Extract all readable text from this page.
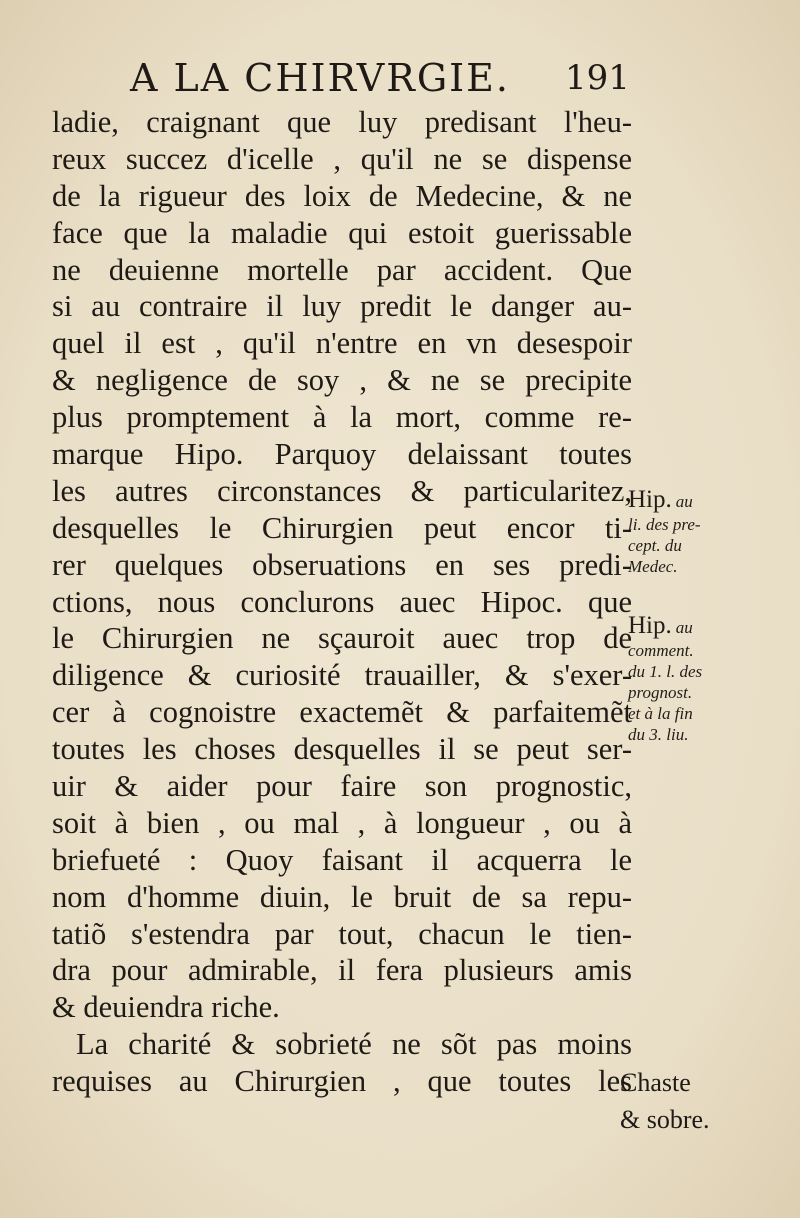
A LA CHIRVRGIE. 191
ladie, craignant que luy predisant l'heu-
reux succez d'icelle , qu'il ne se dispense
de la rigueur des loix de Medecine, & ne
face que la maladie qui estoit guerissable
ne deuienne mortelle par accident. Que
si au contraire il luy predit le danger au-
quel il est , qu'il n'entre en vn desespoir
& negligence de soy , & ne se precipite
plus promptement à la mort, comme re-
marque Hipo. Parquoy delaissant toutes
les autres circonstances & particularitez,
desquelles le Chirurgien peut encor ti-
rer quelques obseruations en ses predi-
ctions, nous conclurons auec Hipoc. que
le Chirurgien ne sçauroit auec trop de
diligence & curiosité trauailler, & s'exer-
cer à cognoistre exactemẽt & parfaitemẽt
toutes les choses desquelles il se peut ser-
uir & aider pour faire son prognostic,
soit à bien , ou mal , à longueur , ou à
briefueté : Quoy faisant il acquerra le
nom d'homme diuin, le bruit de sa repu-
tatiõ s'estendra par tout, chacun le tien-
dra pour admirable, il fera plusieurs amis
& deuiendra riche.
La charité & sobrieté ne sõt pas moins
requises au Chirurgien , que toutes les
Hip. au
li. des pre-
cept. du
Medec.
Hip. au
comment.
du 1. l. des
prognost.
et à la fin
du 3. liu.
Chaste
& sobre.
